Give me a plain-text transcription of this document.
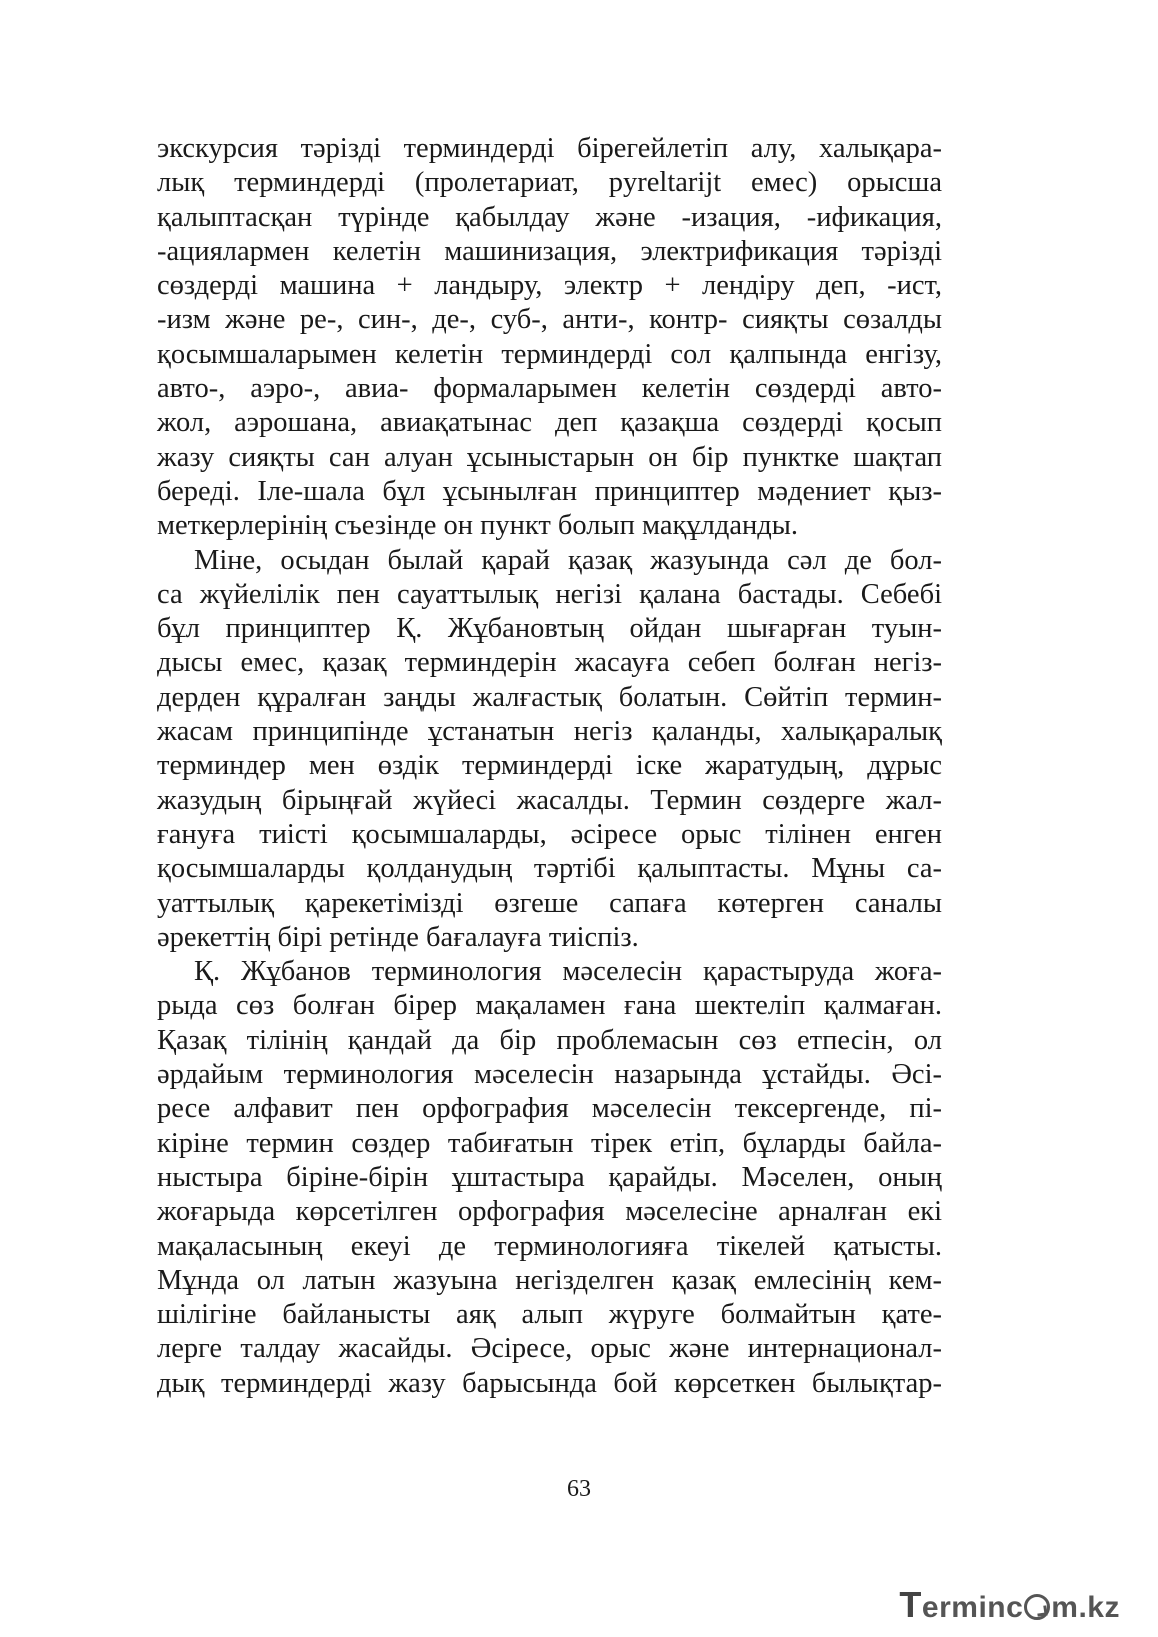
экскурсия тәрізді терминдерді бірегейлетіп алу, халықара-
лық терминдерді (пролетариат, pyreltarijt емес) орысша
қалыптасқан түрінде қабылдау және -изация, -ификация,
-ациялармен келетін машинизация, электрификация тәрізді
сөздерді машина + ландыру, электр + лендіру деп, -ист,
-изм және ре-, син-, де-, суб-, анти-, контр- сияқты сөзалды
қосымшаларымен келетін терминдерді сол қалпында енгізу,
авто-, аэро-, авиа- формаларымен келетін сөздерді авто-
жол, аэрошана, авиақатынас деп қазақша сөздерді қосып
жазу сияқты сан алуан ұсыныстарын он бір пунктке шақтап
береді. Іле-шала бұл ұсынылған принциптер мәдениет қыз-
меткерлерінің съезінде он пункт болып мақұлданды.
Міне, осыдан былай қарай қазақ жазуында сәл де бол-
са жүйелілік пен сауаттылық негізі қалана бастады. Себебі
бұл принциптер Қ. Жұбановтың ойдан шығарған туын-
дысы емес, қазақ терминдерін жасауға себеп болған негіз-
дерден құралған заңды жалғастық болатын. Сөйтіп термин-
жасам принципінде ұстанатын негіз қаланды, халықаралық
терминдер мен өздік терминдерді іске жаратудың, дұрыс
жазудың бірыңғай жүйесі жасалды. Термин сөздерге жал-
ғануға тиісті қосымшаларды, әсіресе орыс тілінен енген
қосымшаларды қолданудың тәртібі қалыптасты. Мұны са-
уаттылық қарекетімізді өзгеше сапаға көтерген саналы
әрекеттің бірі ретінде бағалауға тиіспіз.
Қ. Жұбанов терминология мәселесін қарастыруда жоға-
рыда сөз болған бірер мақаламен ғана шектеліп қалмаған.
Қазақ тілінің қандай да бір проблемасын сөз етпесін, ол
әрдайым терминология мәселесін назарында ұстайды. Әсі-
ресе алфавит пен орфография мәселесін тексергенде, пі-
кіріне термин сөздер табиғатын тірек етіп, бұларды байла-
ныстыра біріне-бірін ұштастыра қарайды. Мәселен, оның
жоғарыда көрсетілген орфография мәселесіне арналған екі
мақаласының екеуі де терминологияға тікелей қатысты.
Мұнда ол латын жазуына негізделген қазақ емлесінің кем-
шілігіне байланысты аяқ алып жүруге болмайтын қате-
лерге талдау жасайды. Әсіресе, орыс және интернационал-
дық терминдерді жазу барысында бой көрсеткен былықтар-
63
Terminc m.kz
